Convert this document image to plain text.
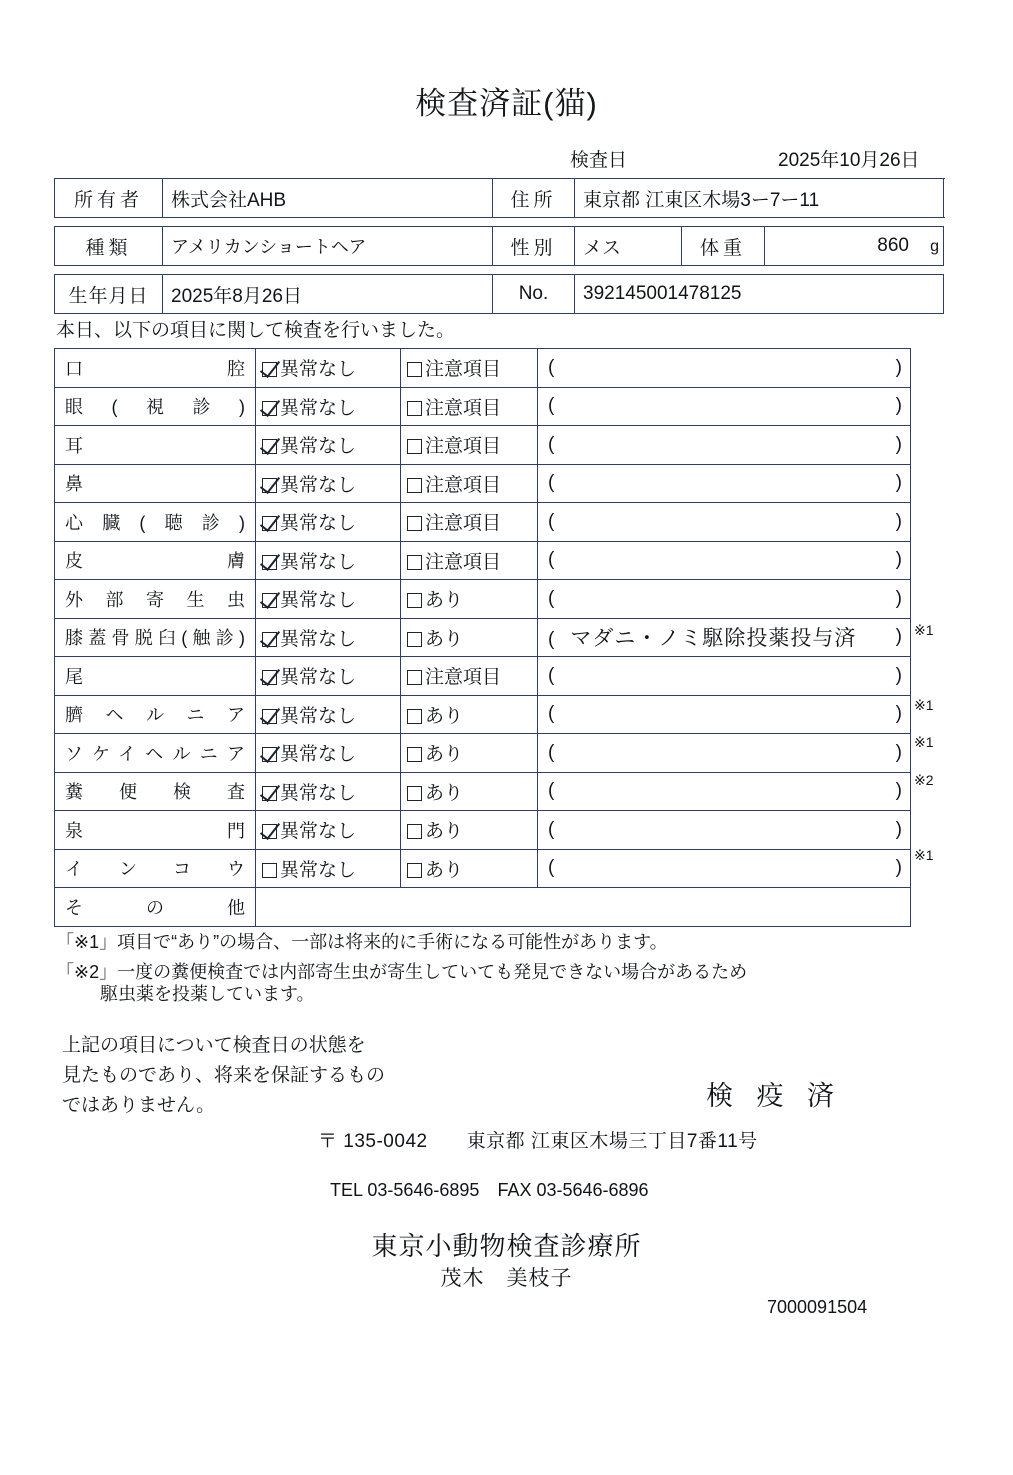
検査済証(猫)
検査日	2025年10月26日
所有者	株式会社AHB	住所	東京都 江東区木場3ー7ー11
種類	アメリカンショートヘア	性別	メス	体重	860 g
生年月日	2025年8月26日	No.	392145001478125
本日、以下の項目に関して検査を行いました。
口腔	異常なし	注意項目	( )

眼(視診)	異常なし	注意項目	( )

耳	異常なし	注意項目	( )

鼻	異常なし	注意項目	( )

心臓(聴診)	異常なし	注意項目	( )

皮膚	異常なし	注意項目	( )

外部寄生虫	異常なし	あり	( )

膝蓋骨脱臼(触診)	異常なし	あり	( マダニ・ノミ駆除投薬投与済 )

尾	異常なし	注意項目	( )

臍ヘルニア	異常なし	あり	( )

ソケイヘルニア	異常なし	あり	( )

糞便検査	異常なし	あり	( )

泉門	異常なし	あり	( )

インコウ	異常なし	あり	( )

その他			

「※1」項目で“あり”の場合、一部は将来的に手術になる可能性があります。
「※2」一度の糞便検査では内部寄生虫が寄生していても発見できない場合があるため
駆虫薬を投薬しています。
上記の項目について検査日の状態を
見たものであり、将来を保証するもの
ではありません。	検 疫 済
〒 135-0042　　東京都 江東区木場三丁目7番11号
TEL 03-5646-6895　FAX 03-5646-6896
東京小動物検査診療所
茂木　美枝子
7000091504
※1
※1
※1
※2
※1
